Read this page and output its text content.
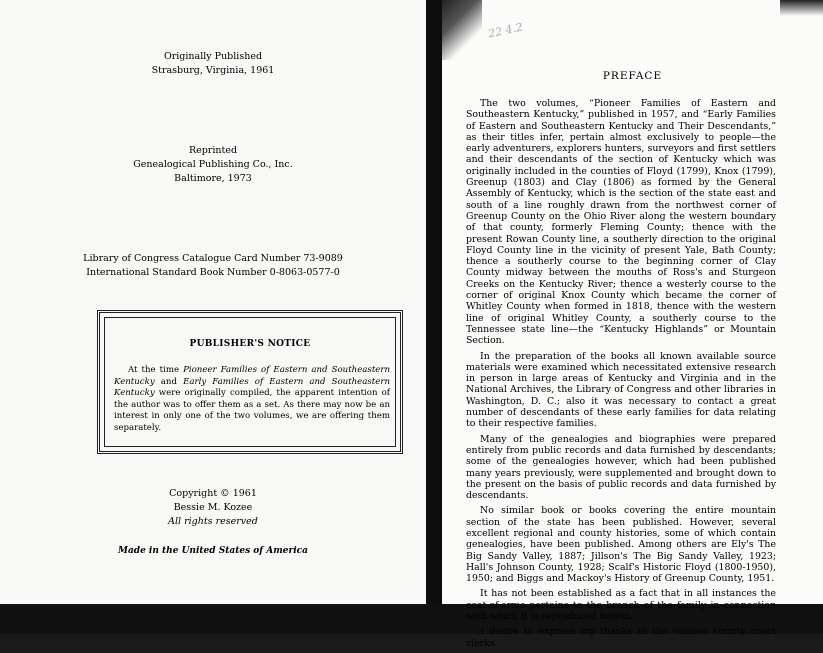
Originally Published
Strasburg, Virginia, 1961
Reprinted
Genealogical Publishing Co., Inc.
Baltimore, 1973
Library of Congress Catalogue Card Number 73-9089
International Standard Book Number 0-8063-0577-0
PUBLISHER'S NOTICE
At the time Pioneer Families of Eastern and Southeastern Kentucky and Early Families of Eastern and Southeastern Kentucky were originally compiled, the apparent intention of the author was to offer them as a set. As there may now be an interest in only one of the two volumes, we are offering them separately.
Copyright © 1961
Bessie M. Kozee
All rights reserved
Made in the United States of America
22 4.2
PREFACE

The two volumes, “Pioneer Families of Eastern and Southeastern Kentucky,” published in 1957, and “Early Families of Eastern and Southeastern Kentucky and Their Descendants,” as their titles infer, pertain almost exclusively to people—the early adventurers, explorers hunters, surveyors and first settlers and their descendants of the section of Kentucky which was originally included in the counties of Floyd (1799), Knox (1799), Greenup (1803) and Clay (1806) as formed by the General Assembly of Kentucky, which is the section of the state east and south of a line roughly drawn from the northwest corner of Greenup County on the Ohio River along the western boundary of that county, formerly Fleming County; thence with the present Rowan County line, a southerly direction to the original Floyd County line in the vicinity of present Yale, Bath County; thence a southerly course to the beginning corner of Clay County midway between the mouths of Ross's and Sturgeon Creeks on the Kentucky River; thence a westerly course to the corner of original Knox County which became the corner of Whitley County when formed in 1818, thence with the western line of original Whitley County, a southerly course to the Tennessee state line—the “Kentucky Highlands” or Mountain Section.

In the preparation of the books all known available source materials were examined which necessitated extensive research in person in large areas of Kentucky and Virginia and in the National Archives, the Library of Congress and other libraries in Washington, D. C.; also it was necessary to contact a great number of descendants of these early families for data relating to their respective families.

Many of the genealogies and biographies were prepared entirely from public records and data furnished by descendants; some of the genealogies however, which had been published many years previously, were supplemented and brought down to the present on the basis of public records and data furnished by descendants.

No similar book or books covering the entire mountain section of the state has been published. However, several excellent regional and county histories, some of which contain genealogies, have been published. Among others are Ely's The Big Sandy Valley, 1887; Jillson's The Big Sandy Valley, 1923; Hall's Johnson County, 1928; Scalf's Historic Floyd (1800-1950), 1950; and Biggs and Mackoy's History of Greenup County, 1951.

It has not been established as a fact that in all instances the coat-of-arms pertains to the branch of the family in connection with which it is reproduced herein.

I desire to express my thanks to the various county court clerks
